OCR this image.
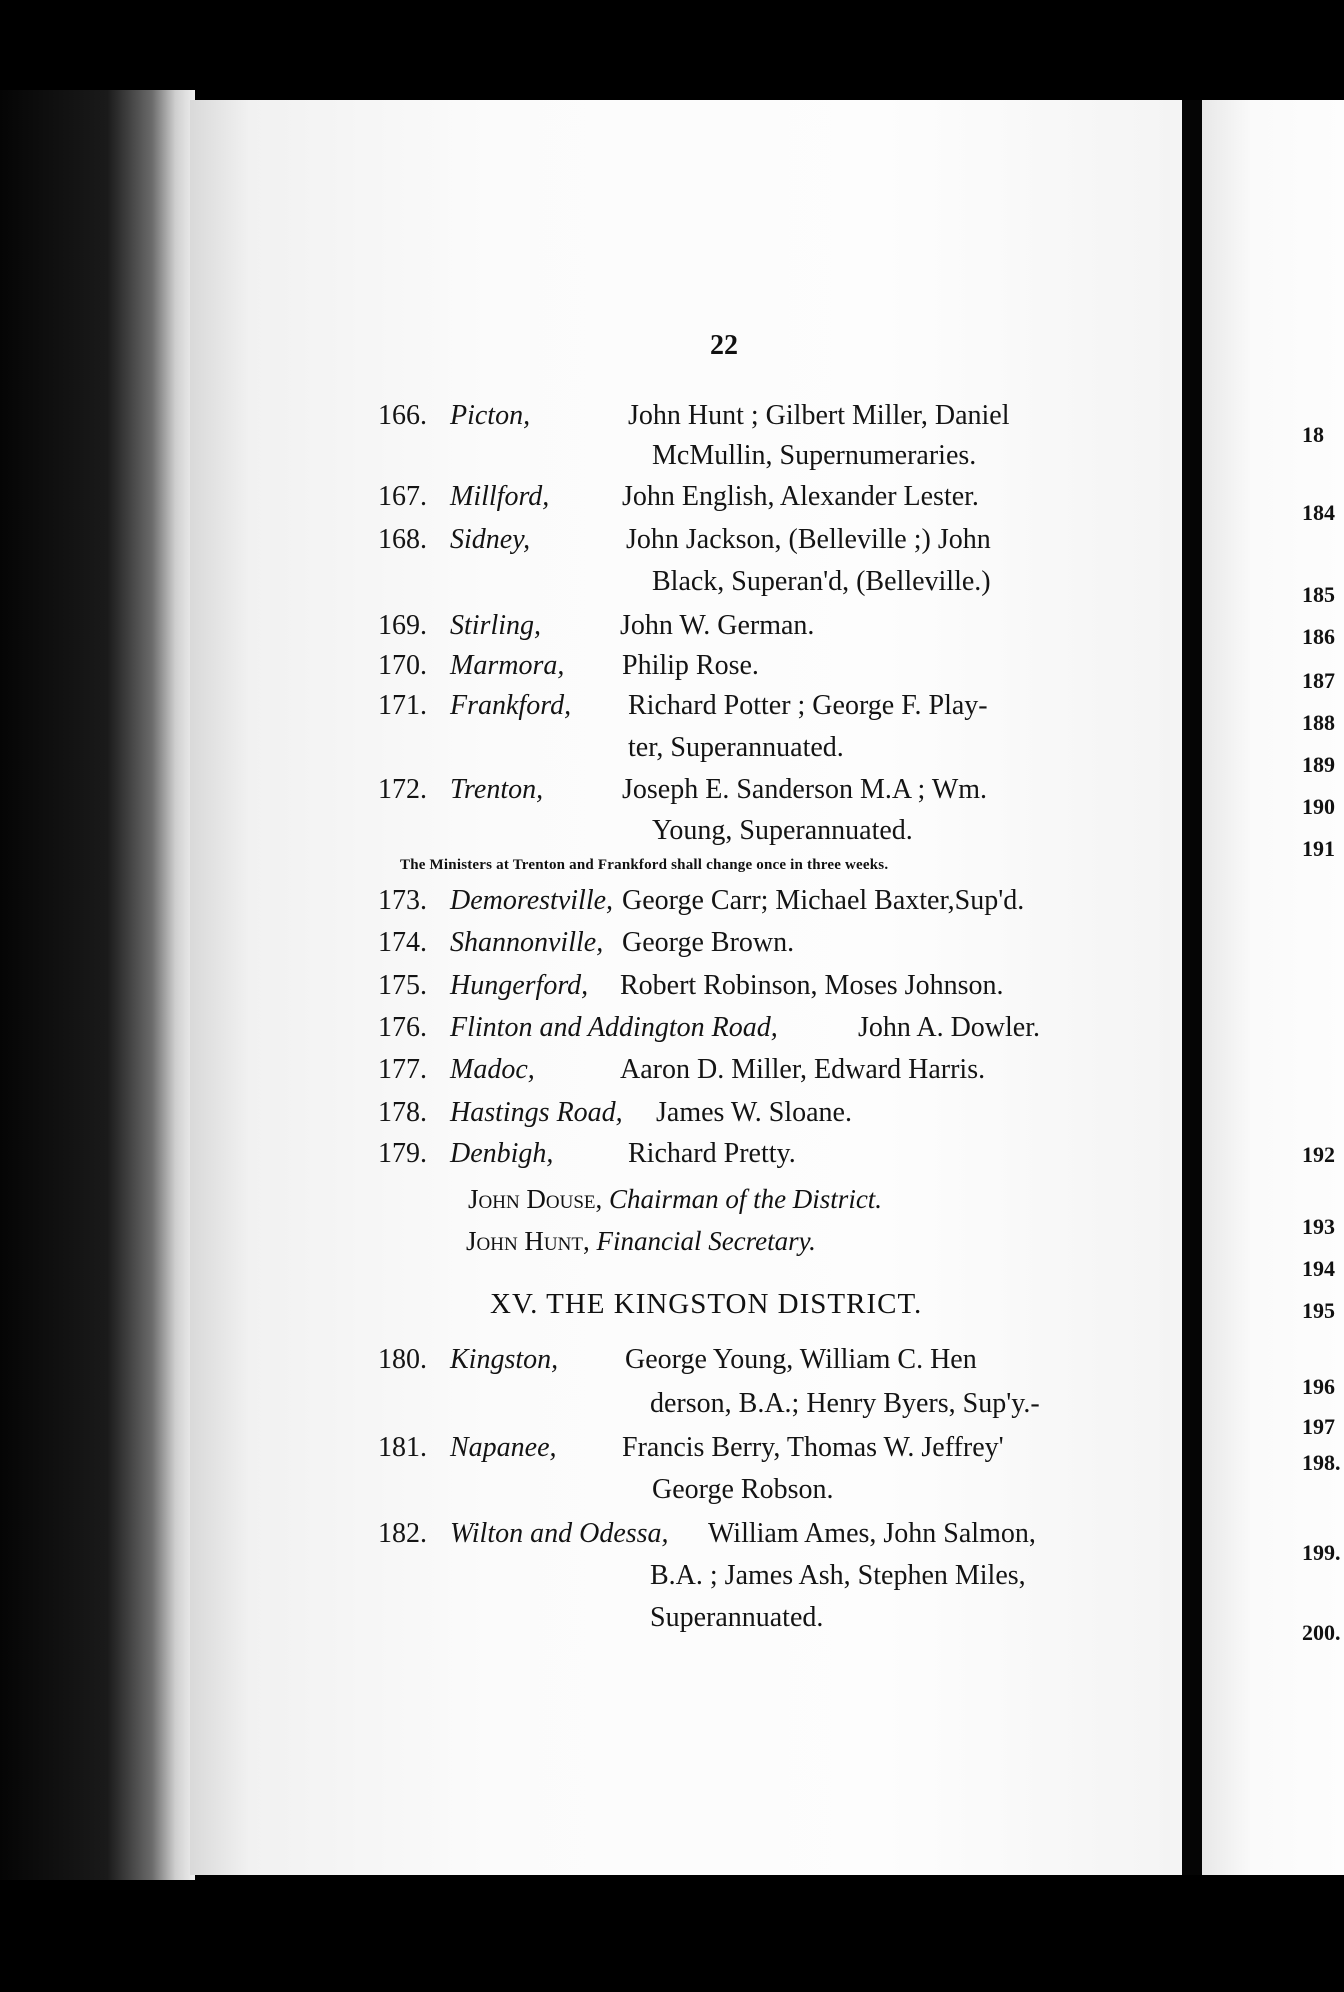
22
166. Picton,	John Hunt ; Gilbert Miller, Daniel
McMullin, Supernumeraries.
167. Millford,	John English, Alexander Lester.
168. Sidney,	John Jackson, (Belleville ;) John
Black, Superan'd, (Belleville.)
169. Stirling,	John W. German.
170. Marmora, Philip Rose.
171. Frankford, Richard Potter ; George F. Play-
ter, Superannuated.
172. Trenton,	Joseph E. Sanderson M.A ; Wm.
Young, Superannuated.
The Ministers at Trenton and Frankford shall change once in three weeks.
173. Demorestville, George Carr; Michael Baxter,Sup'd.
174. Shannonville, George Brown.
175. Hungerford, Robert Robinson, Moses Johnson.
176. Flinton and Addington Road,	John A. Dowler.
177. Madoc,	Aaron D. Miller, Edward Harris.
178. Hastings Road, James W. Sloane.
179. Denbigh,	Richard Pretty.
John Douse, Chairman of the District.
John Hunt, Financial Secretary.
XV. THE KINGSTON DISTRICT.
180. Kingston, George Young, William C. Hen
derson, B.A.; Henry Byers, Sup'y.-
181. Napanee, Francis Berry, Thomas W. Jeffrey'
George Robson.
182. Wilton and Odessa, William Ames, John Salmon,
B.A. ; James Ash, Stephen Miles,
Superannuated.
18
184
185
186
187
188
189
190
191
192
193
194
195
196
197
198.
199.
200.
